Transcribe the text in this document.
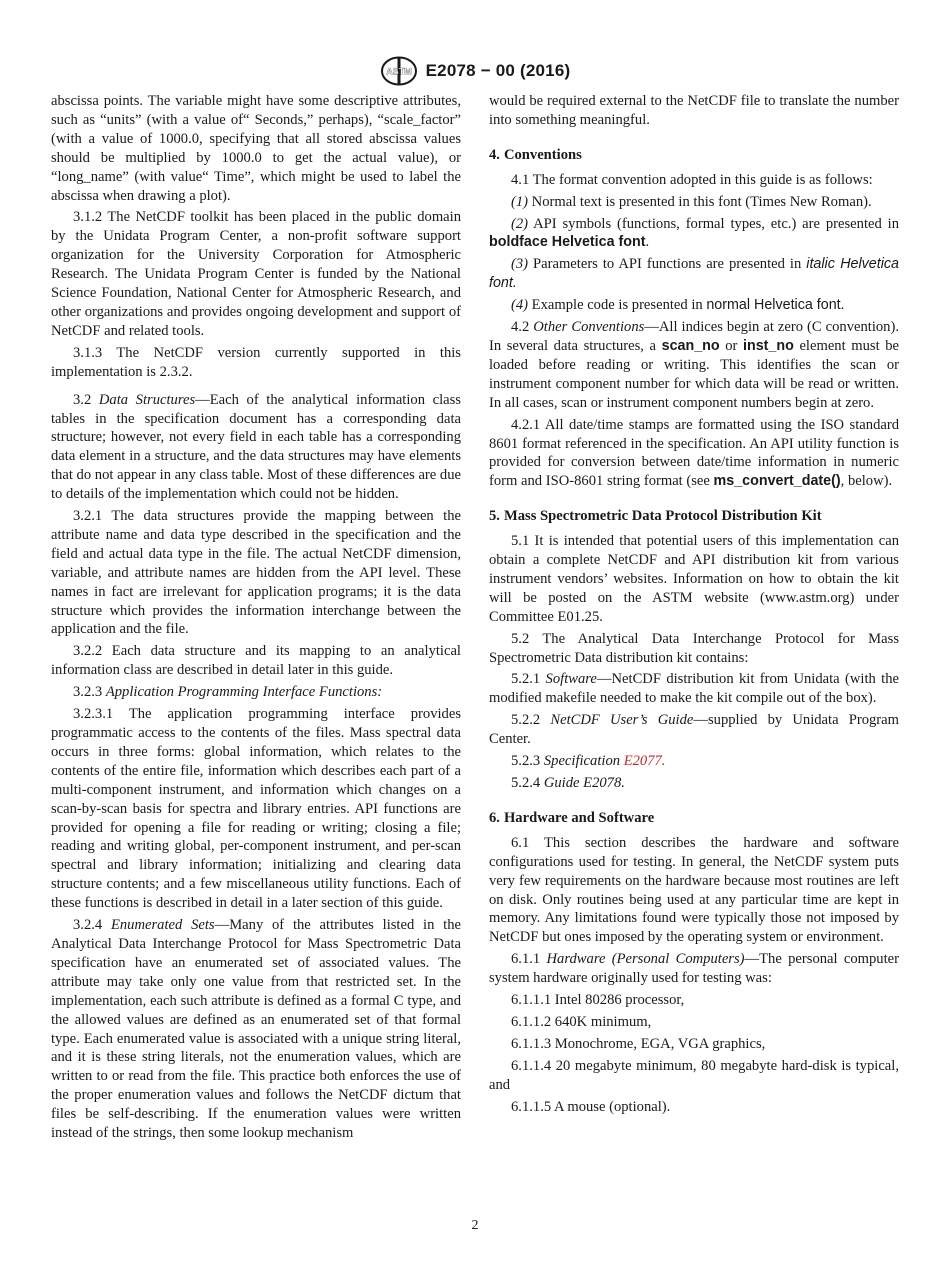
ASTM E2078 − 00 (2016)

abscissa points. The variable might have some descriptive attributes, such as “units” (with a value of“ Seconds,” perhaps), “scale_factor” (with a value of 1000.0, specifying that all stored abscissa values should be multiplied by 1000.0 to get the actual value), or “long_name” (with value“ Time”, which might be used to label the abscissa when drawing a plot).

3.1.2 The NetCDF toolkit has been placed in the public domain by the Unidata Program Center, a non-profit software support organization for the University Corporation for Atmospheric Research. The Unidata Program Center is funded by the National Science Foundation, National Center for Atmospheric Research, and other organizations and provides ongoing development and support of NetCDF and related tools.

3.1.3 The NetCDF version currently supported in this implementation is 2.3.2.

3.2 Data Structures—Each of the analytical information class tables in the specification document has a corresponding data structure; however, not every field in each table has a corresponding data element in a structure, and the data structures may have elements that do not appear in any class table. Most of these differences are due to details of the implementation which could not be hidden.

3.2.1 The data structures provide the mapping between the attribute name and data type described in the specification and the field and actual data type in the file. The actual NetCDF dimension, variable, and attribute names are hidden from the API level. These names in fact are irrelevant for application programs; it is the data structure which provides the information interchange between the application and the file.

3.2.2 Each data structure and its mapping to an analytical information class are described in detail later in this guide.

3.2.3 Application Programming Interface Functions:

3.2.3.1 The application programming interface provides programmatic access to the contents of the files. Mass spectral data occurs in three forms: global information, which relates to the contents of the entire file, information which describes each part of a multi-component instrument, and information which changes on a scan-by-scan basis for spectra and library entries. API functions are provided for opening a file for reading or writing; closing a file; reading and writing global, per-component instrument, and per-scan spectral and library information; initializing and clearing data structure contents; and a few miscellaneous utility functions. Each of these functions is described in detail in a later section of this guide.

3.2.4 Enumerated Sets—Many of the attributes listed in the Analytical Data Interchange Protocol for Mass Spectrometric Data specification have an enumerated set of associated values. The attribute may take only one value from that restricted set. In the implementation, each such attribute is defined as a formal C type, and the allowed values are defined as an enumerated set of that formal type. Each enumerated value is associated with a unique string literal, and it is these string literals, not the enumeration values, which are written to or read from the file. This practice both enforces the use of the proper enumeration values and follows the NetCDF dictum that files be self-describing. If the enumeration values were written instead of the strings, then some lookup mechanism

would be required external to the NetCDF file to translate the number into something meaningful.

4. Conventions

4.1 The format convention adopted in this guide is as follows:

(1) Normal text is presented in this font (Times New Roman).

(2) API symbols (functions, formal types, etc.) are presented in boldface Helvetica font.

(3) Parameters to API functions are presented in italic Helvetica font.

(4) Example code is presented in normal Helvetica font.

4.2 Other Conventions—All indices begin at zero (C convention). In several data structures, a scan_no or inst_no element must be loaded before reading or writing. This identifies the scan or instrument component number for which data will be read or written. In all cases, scan or instrument component numbers begin at zero.

4.2.1 All date/time stamps are formatted using the ISO standard 8601 format referenced in the specification. An API utility function is provided for conversion between date/time information in numeric form and ISO-8601 string format (see ms_convert_date(), below).

5. Mass Spectrometric Data Protocol Distribution Kit

5.1 It is intended that potential users of this implementation can obtain a complete NetCDF and API distribution kit from various instrument vendors’ websites. Information on how to obtain the kit will be posted on the ASTM website (www.astm.org) under Committee E01.25.

5.2 The Analytical Data Interchange Protocol for Mass Spectrometric Data distribution kit contains:

5.2.1 Software—NetCDF distribution kit from Unidata (with the modified makefile needed to make the kit compile out of the box).

5.2.2 NetCDF User’s Guide—supplied by Unidata Program Center.

5.2.3 Specification E2077.

5.2.4 Guide E2078.

6. Hardware and Software

6.1 This section describes the hardware and software configurations used for testing. In general, the NetCDF system puts very few requirements on the hardware because most routines are left on disk. Only routines being used at any particular time are kept in memory. Any limitations found were typically those not imposed by NetCDF but ones imposed by the operating system or environment.

6.1.1 Hardware (Personal Computers)—The personal computer system hardware originally used for testing was:

6.1.1.1 Intel 80286 processor,

6.1.1.2 640K minimum,

6.1.1.3 Monochrome, EGA, VGA graphics,

6.1.1.4 20 megabyte minimum, 80 megabyte hard-disk is typical, and

6.1.1.5 A mouse (optional).

2
